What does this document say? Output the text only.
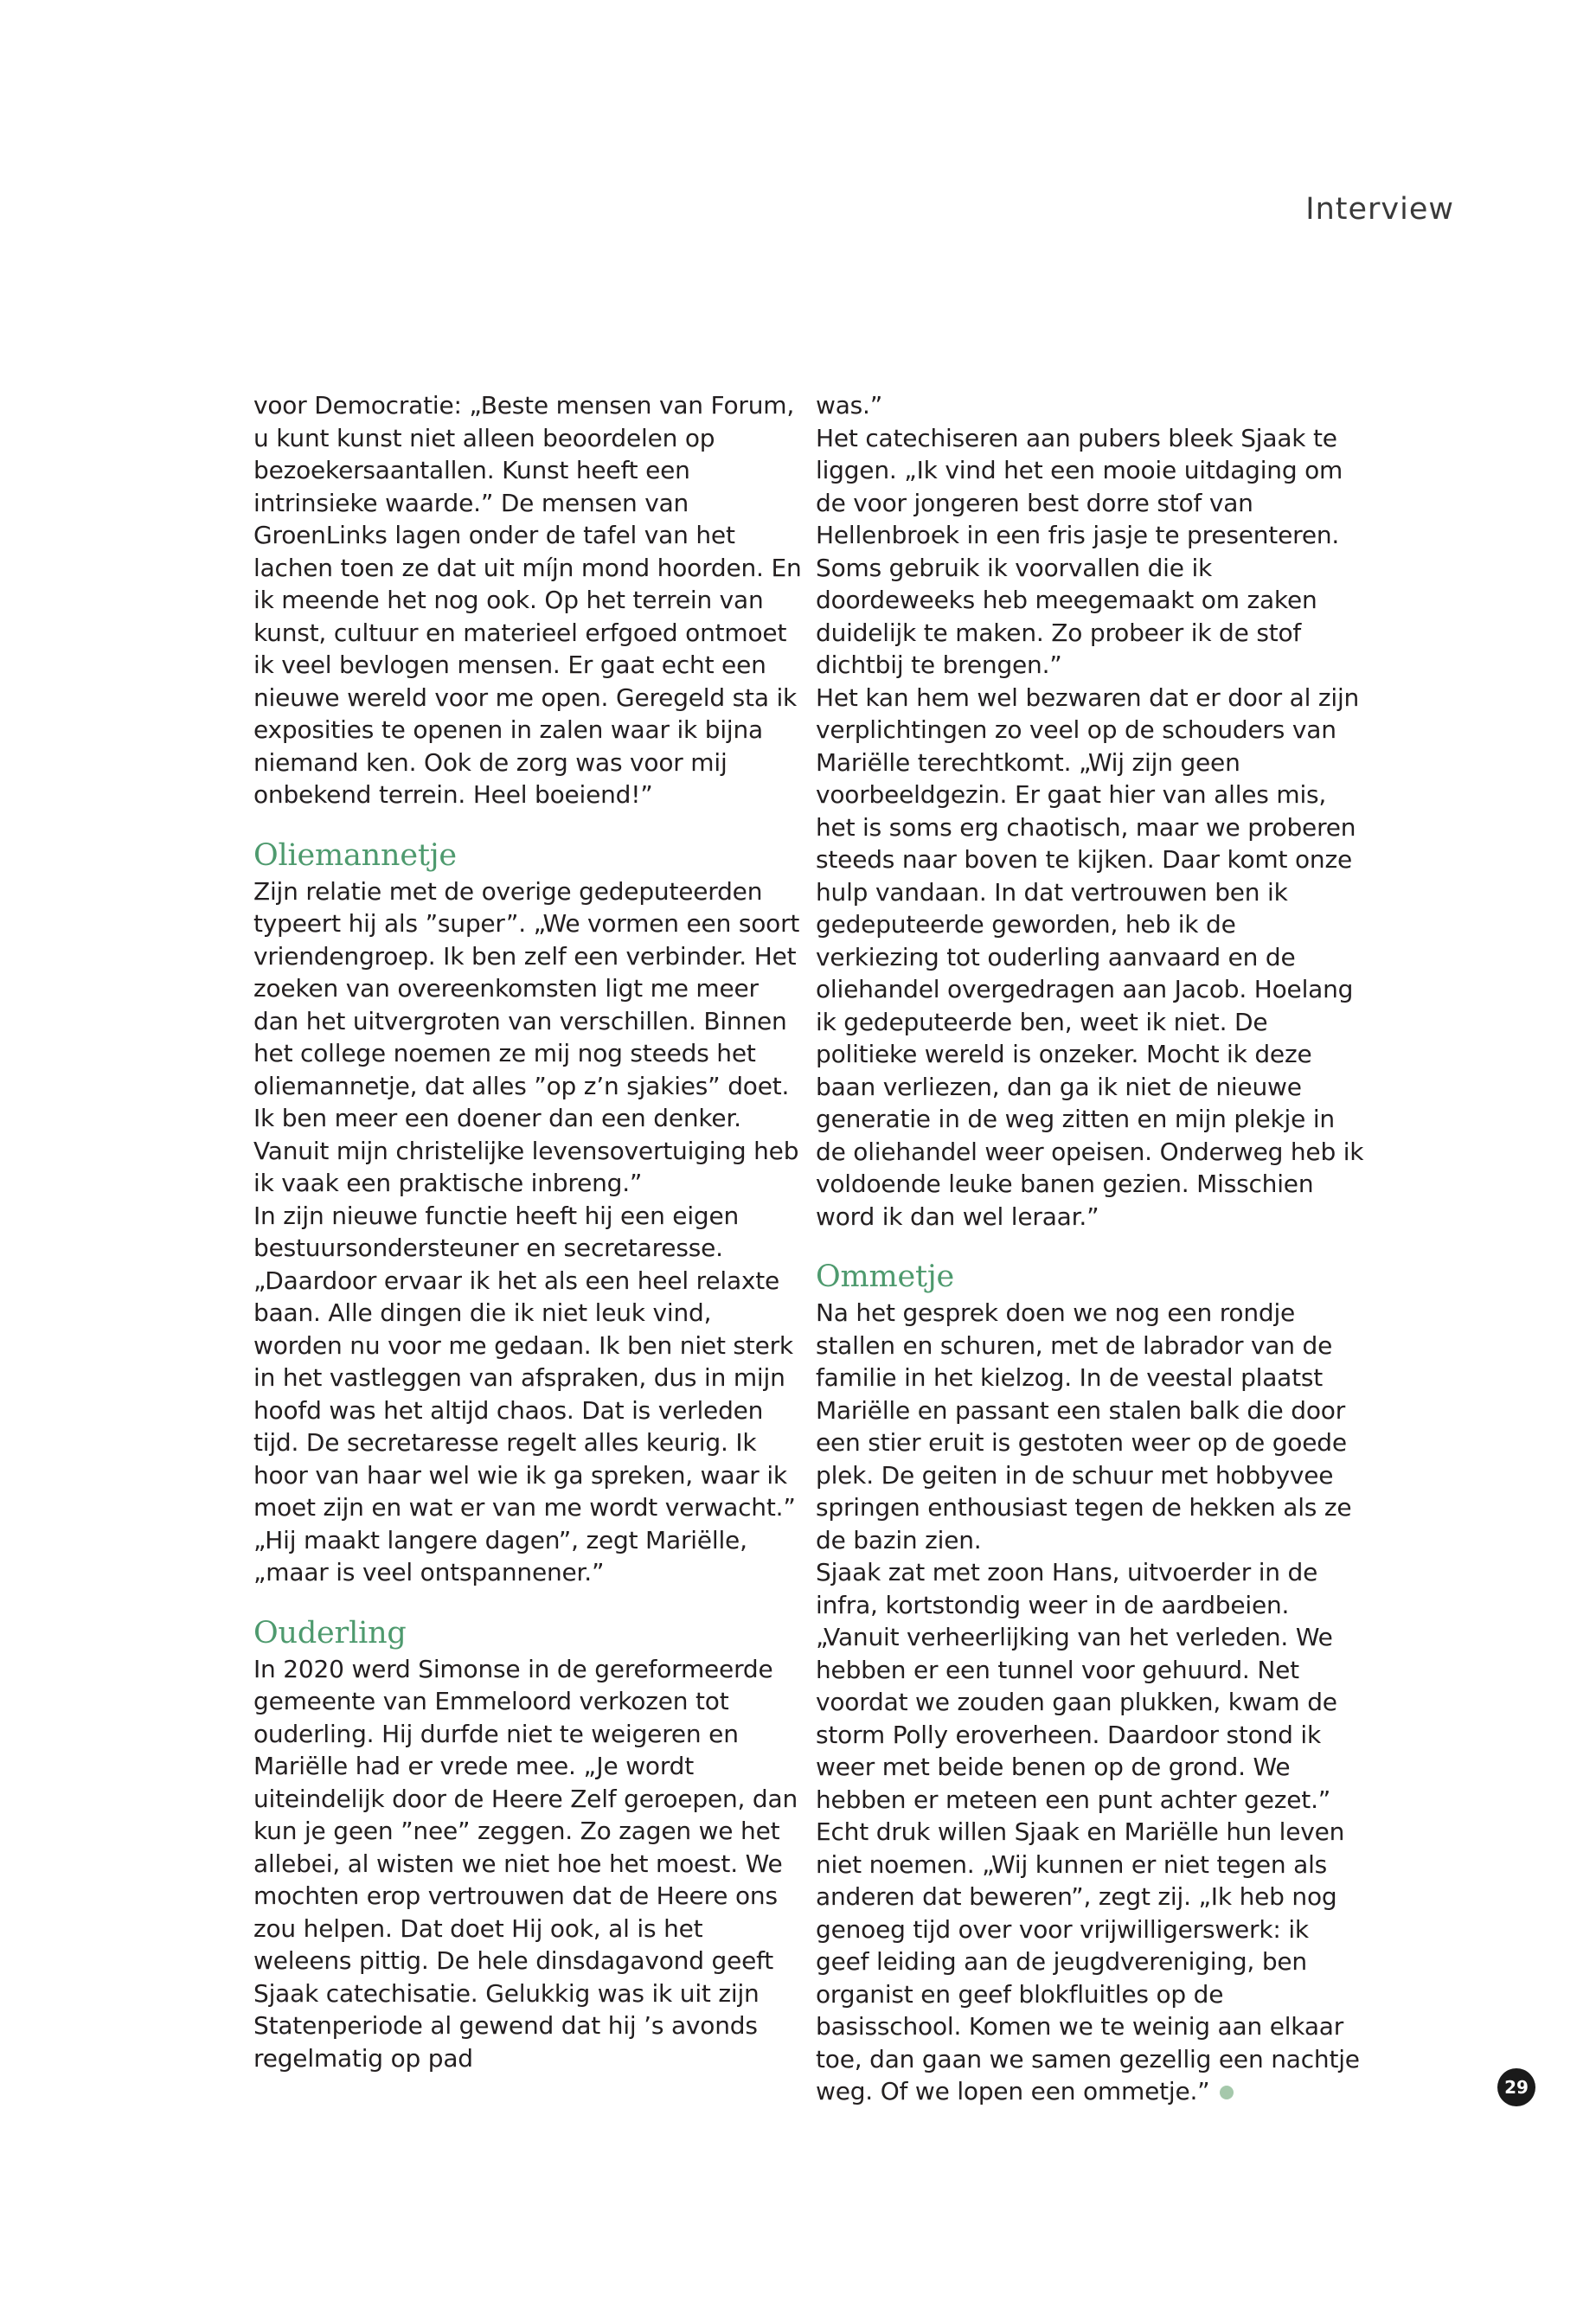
Interview

voor Democratie: „Beste mensen van Forum, u kunt kunst niet alleen beoordelen op bezoekersaantallen. Kunst heeft een intrinsieke waarde.” De mensen van GroenLinks lagen onder de tafel van het lachen toen ze dat uit míjn mond hoorden. En ik meende het nog ook. Op het terrein van kunst, cultuur en materieel erfgoed ontmoet ik veel bevlogen mensen. Er gaat echt een nieuwe wereld voor me open. Geregeld sta ik exposities te openen in zalen waar ik bijna niemand ken. Ook de zorg was voor mij onbekend terrein. Heel boeiend!”

Oliemannetje

Zijn relatie met de overige gedeputeerden typeert hij als ”super”. „We vormen een soort vriendengroep. Ik ben zelf een verbinder. Het zoeken van overeenkomsten ligt me meer dan het uitvergroten van verschillen. Binnen het college noemen ze mij nog steeds het oliemannetje, dat alles ”op z’n sjakies” doet. Ik ben meer een doener dan een denker. Vanuit mijn christelijke levensovertuiging heb ik vaak een praktische inbreng.”

In zijn nieuwe functie heeft hij een eigen bestuursondersteuner en secretaresse. „Daardoor ervaar ik het als een heel relaxte baan. Alle dingen die ik niet leuk vind, worden nu voor me gedaan. Ik ben niet sterk in het vastleggen van afspraken, dus in mijn hoofd was het altijd chaos. Dat is verleden tijd. De secretaresse regelt alles keurig. Ik hoor van haar wel wie ik ga spreken, waar ik moet zijn en wat er van me wordt verwacht.”

„Hij maakt langere dagen”, zegt Mariëlle, „maar is veel ontspannener.”

Ouderling

In 2020 werd Simonse in de gereformeerde gemeente van Emmeloord verkozen tot ouderling. Hij durfde niet te weigeren en Mariëlle had er vrede mee. „Je wordt uiteindelijk door de Heere Zelf geroepen, dan kun je geen ”nee” zeggen. Zo zagen we het allebei, al wisten we niet hoe het moest. We mochten erop vertrouwen dat de Heere ons zou helpen. Dat doet Hij ook, al is het weleens pittig. De hele dinsdagavond geeft Sjaak catechisatie. Gelukkig was ik uit zijn Statenperiode al gewend dat hij ’s avonds regelmatig op pad

was.”

Het catechiseren aan pubers bleek Sjaak te liggen. „Ik vind het een mooie uitdaging om de voor jongeren best dorre stof van Hellenbroek in een fris jasje te presenteren. Soms gebruik ik voorvallen die ik doordeweeks heb meegemaakt om zaken duidelijk te maken. Zo probeer ik de stof dichtbij te brengen.”

Het kan hem wel bezwaren dat er door al zijn verplichtingen zo veel op de schouders van Mariëlle terechtkomt. „Wij zijn geen voorbeeldgezin. Er gaat hier van alles mis, het is soms erg chaotisch, maar we proberen steeds naar boven te kijken. Daar komt onze hulp vandaan. In dat vertrouwen ben ik gedeputeerde geworden, heb ik de verkiezing tot ouderling aanvaard en de oliehandel overgedragen aan Jacob. Hoelang ik gedeputeerde ben, weet ik niet. De politieke wereld is onzeker. Mocht ik deze baan verliezen, dan ga ik niet de nieuwe generatie in de weg zitten en mijn plekje in de oliehandel weer opeisen. Onderweg heb ik voldoende leuke banen gezien. Misschien word ik dan wel leraar.”

Ommetje

Na het gesprek doen we nog een rondje stallen en schuren, met de labrador van de familie in het kielzog. In de veestal plaatst Mariëlle en passant een stalen balk die door een stier eruit is gestoten weer op de goede plek. De geiten in de schuur met hobbyvee springen enthousiast tegen de hekken als ze de bazin zien.

Sjaak zat met zoon Hans, uitvoerder in de infra, kortstondig weer in de aardbeien. „Vanuit verheerlijking van het verleden. We hebben er een tunnel voor gehuurd. Net voordat we zouden gaan plukken, kwam de storm Polly eroverheen. Daardoor stond ik weer met beide benen op de grond. We hebben er meteen een punt achter gezet.”

Echt druk willen Sjaak en Mariëlle hun leven niet noemen. „Wij kunnen er niet tegen als anderen dat beweren”, zegt zij. „Ik heb nog genoeg tijd over voor vrijwilligerswerk: ik geef leiding aan de jeugdvereniging, ben organist en geef blokfluitles op de basisschool. Komen we te weinig aan elkaar toe, dan gaan we samen gezellig een nachtje weg. Of we lopen een ommetje.”	29
